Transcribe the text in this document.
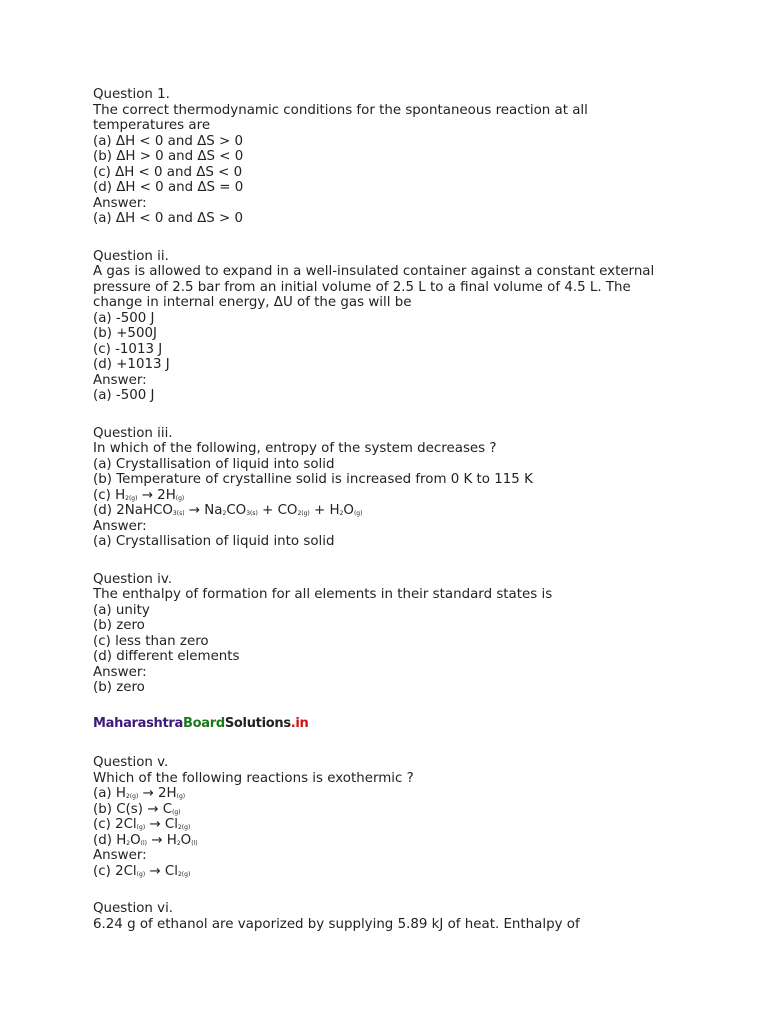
Question 1.

The correct thermodynamic conditions for the spontaneous reaction at all temperatures are

(a) ΔH < 0 and ΔS > 0

(b) ΔH > 0 and ΔS < 0

(c) ΔH < 0 and ΔS < 0

(d) ΔH < 0 and ΔS = 0

Answer:

(a) ΔH < 0 and ΔS > 0

Question ii.

A gas is allowed to expand in a well-insulated container against a constant external pressure of 2.5 bar from an initial volume of 2.5 L to a final volume of 4.5 L. The change in internal energy, ΔU of the gas will be

(a) -500 J

(b) +500J

(c) -1013 J

(d) +1013 J

Answer:

(a) -500 J

Question iii.

In which of the following, entropy of the system decreases ?

(a) Crystallisation of liquid into solid

(b) Temperature of crystalline solid is increased from 0 K to 115 K

(c) $H_{2(g)} \to 2H_{(g)}$

(d) 2NaHCO$_{3(s)}$ → $Na_2CO_{3(s)} + CO_{2(g)} + H_2O_{(g)}$

Answer:

(a) Crystallisation of liquid into solid

Question iv.

The enthalpy of formation for all elements in their standard states is

(a) unity

(b) zero

(c) less than zero

(d) different elements

Answer:

(b) zero

MaharashtraBoardSolutions.in

Question v.

Which of the following reactions is exothermic ?

(a) $H_{2(g)} \to 2H_{(g)}$

(b) $C(s) \to C_{(g)}$

(c) $2Cl_{(g)} \to Cl_{2(g)}$

(d) $H_2O_{(l)} \to H_2O_{(l)}$

Answer:

(c) $2Cl_{(g)} \to Cl_{2(g)}$

Question vi.

6.24 g of ethanol are vaporized by supplying 5.89 kJ of heat. Enthalpy of
